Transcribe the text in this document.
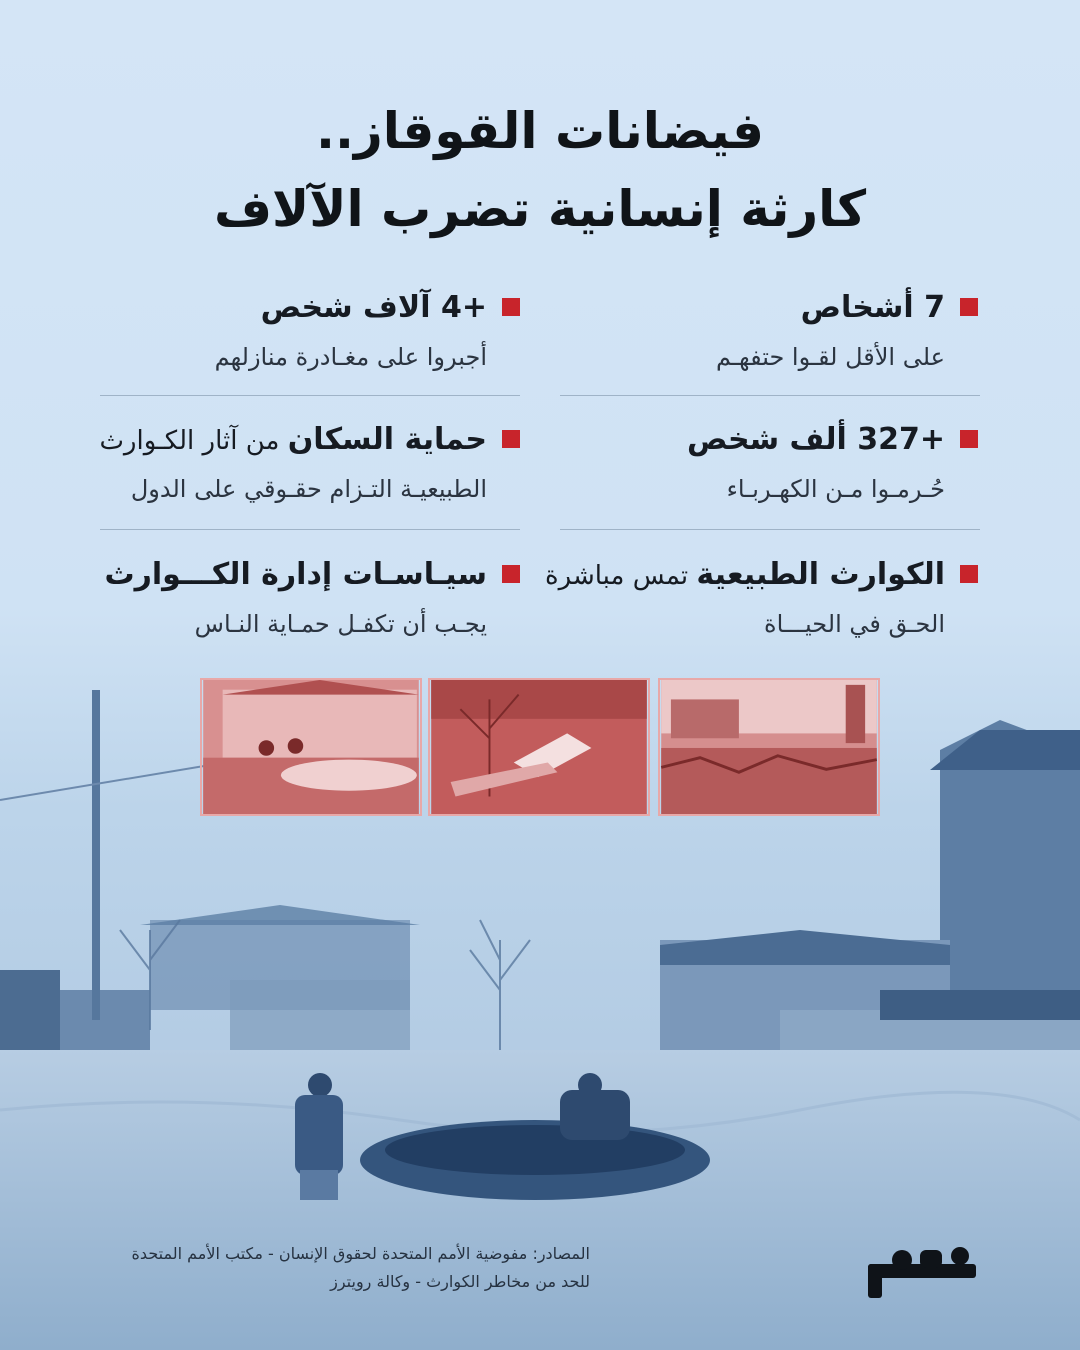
فيضانات القوقاز..
كارثة إنسانية تضرب الآلاف
7 أشخاص
على الأقل لقـوا حتفهـم
+4 آلاف شخص
أجبروا على مغـادرة منازلهم
+327 ألف شخص
حُـرمـوا مـن الكهـربـاء
حماية السكان من آثار الكـوارث
الطبيعيـة التـزام حقـوقي على الدول
الكوارث الطبيعية تمس مباشرة
الحـق في الحيـــاة
سيـاسـات إدارة الكـــوارث
يجـب أن تكفـل حمـاية النـاس
المصادر: مفوضية الأمم المتحدة لحقوق الإنسان - مكتب الأمم المتحدة
للحد من مخاطر الكوارث - وكالة رويترز
